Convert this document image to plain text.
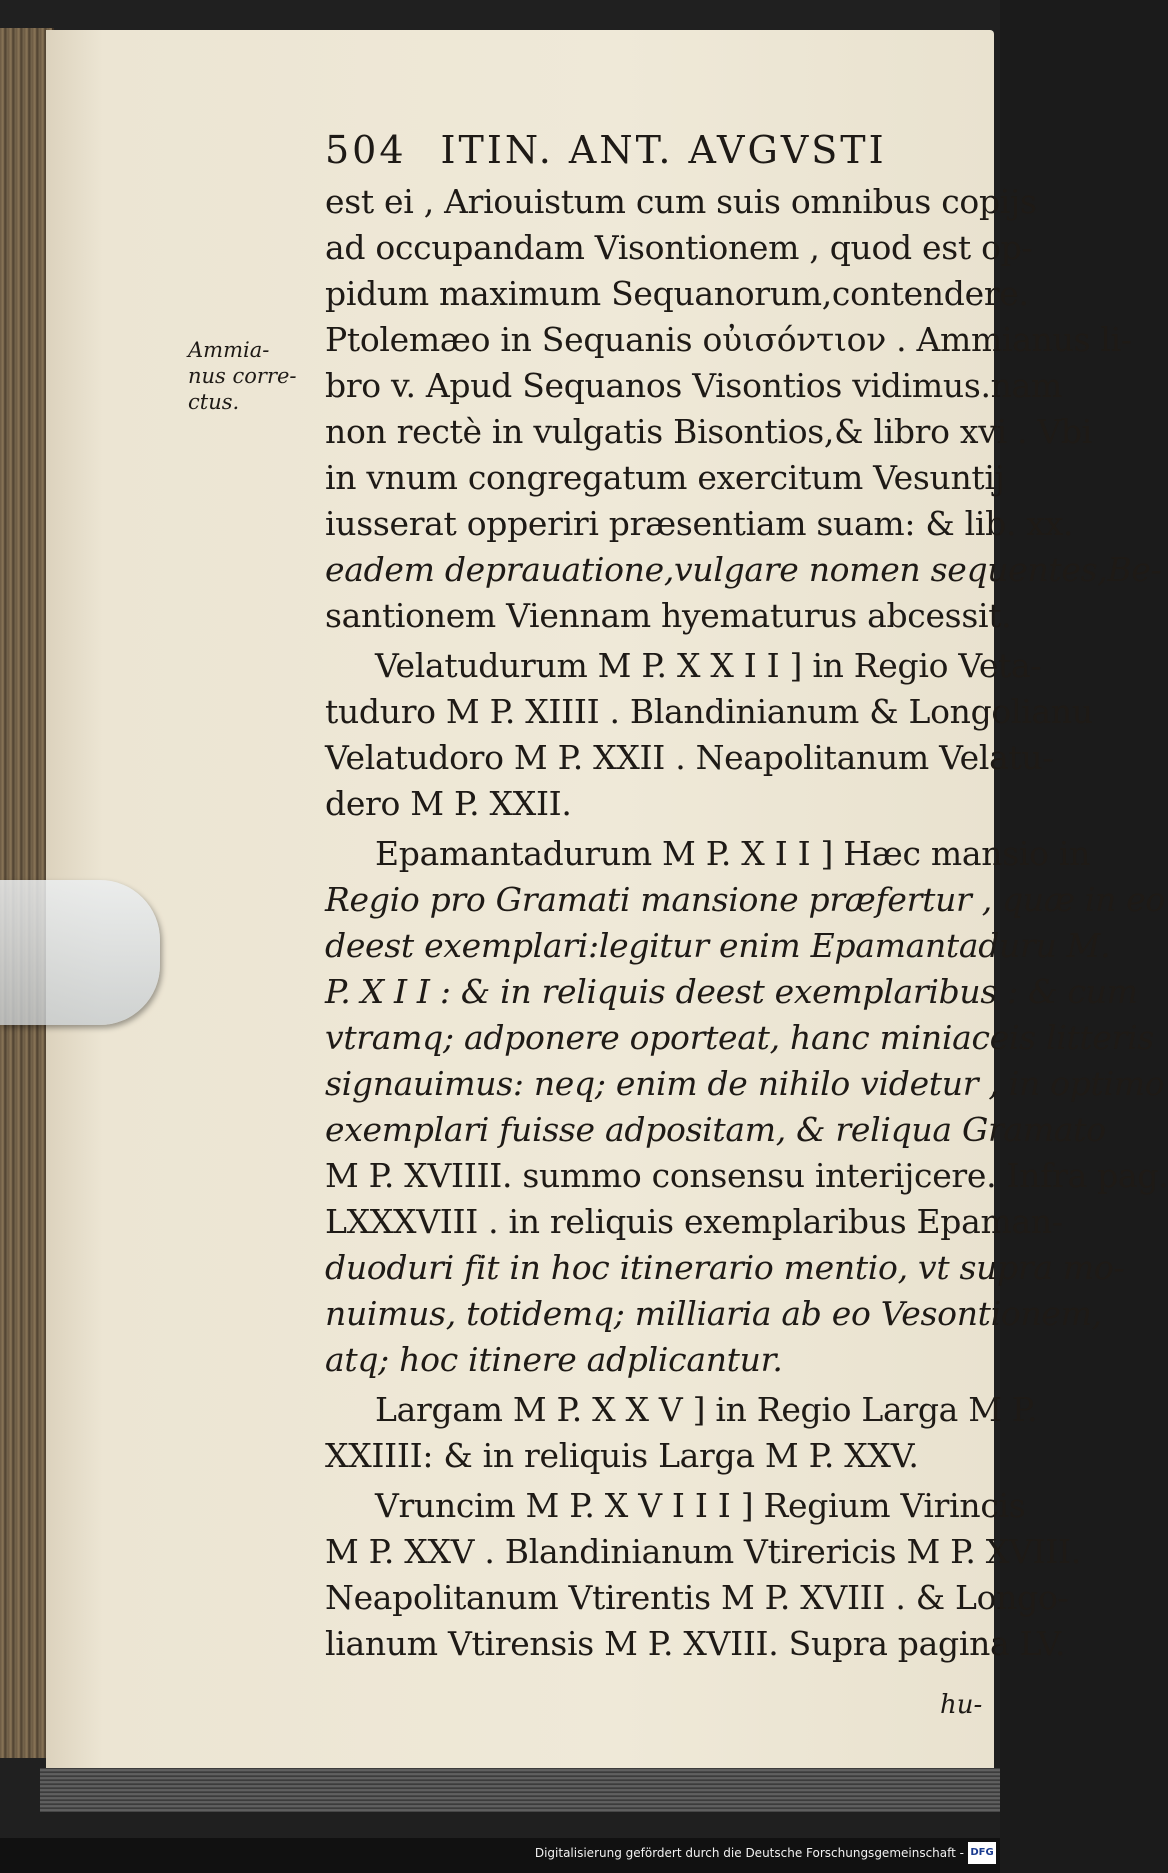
504 ITIN. ANT. AVGVSTI
Ammia-
nus corre-
ctus.
est ei , Ariouistum cum suis omnibus copijs
ad occupandam Visontionem , quod est op-
pidum maximum Sequanorum,contendere.
Ptolemæo in Sequanis οὐισόντιον . Ammianus li-
bro v. Apud Sequanos Visontios vidimus.nam
non rectè in vulgatis Bisontios,& libro xvi . Vbi
in vnum congregatum exercitum Vesuntij
iusserat opperiri præsentiam suam: & lib. xx.
eadem deprauatione,vulgare nomen sequentes,Be-
santionem Viennam hyematurus abcessit.
Velatudurum M P. X X I I ] in Regio Veta-
tuduro M P. XIIII . Blandinianum & Longolianu
Velatudoro M P. XXII . Neapolitanum Velatu-
dero M P. XXII.
Epamantadurum M P. X I I ] Hæc mansio in
Regio pro Gramati mansione præfertur , quæ in eo
deest exemplari:legitur enim Epamantaduru M.
P. X I I : & in reliquis deest exemplaribus : & cum
vtramq; adponere oporteat, hanc miniaceis litteris
signauimus: neq; enim de nihilo videtur , in optimo
exemplari fuisse adpositam, & reliqua Gramato
M P. XVIIII. summo consensu interijcere. Infra pag.
LXXXVIII . in reliquis exemplaribus Epaman-
duoduri fit in hoc itinerario mentio, vt supra mo-
nuimus, totidemq; milliaria ab eo Vesontionem,
atq; hoc itinere adplicantur.
Largam M P. X X V ] in Regio Larga M P.
XXIIII: & in reliquis Larga M P. XXV.
Vruncim M P. X V I I I ] Regium Virincis
M P. XXV . Blandinianum Vtirericis M P. XVIII.
Neapolitanum Vtirentis M P. XVIII . & Longo-
lianum Vtirensis M P. XVIII. Supra pagina LV.
hu-
Digitalisierung gefördert durch die Deutsche Forschungsgemeinschaft - DFG
